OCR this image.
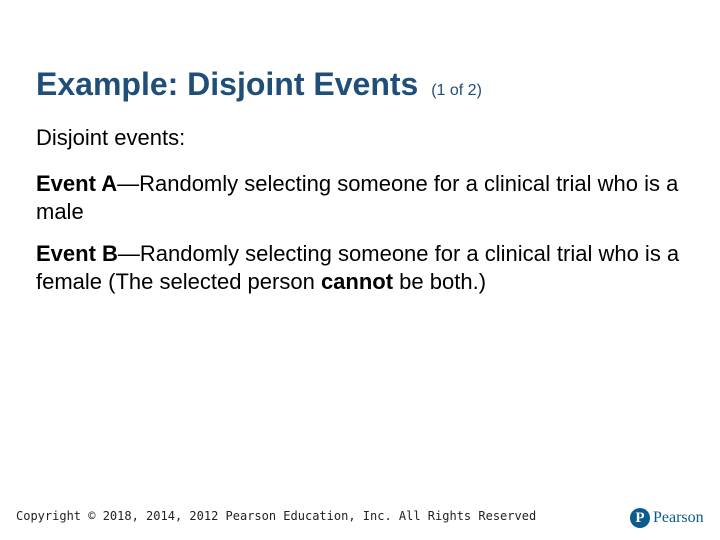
Example: Disjoint Events (1 of 2)

Disjoint events:

Event A—Randomly selecting someone for a clinical trial who is a male

Event B—Randomly selecting someone for a clinical trial who is a female (The selected person cannot be both.)

Copyright © 2018, 2014, 2012 Pearson Education, Inc. All Rights Reserved	P Pearson
